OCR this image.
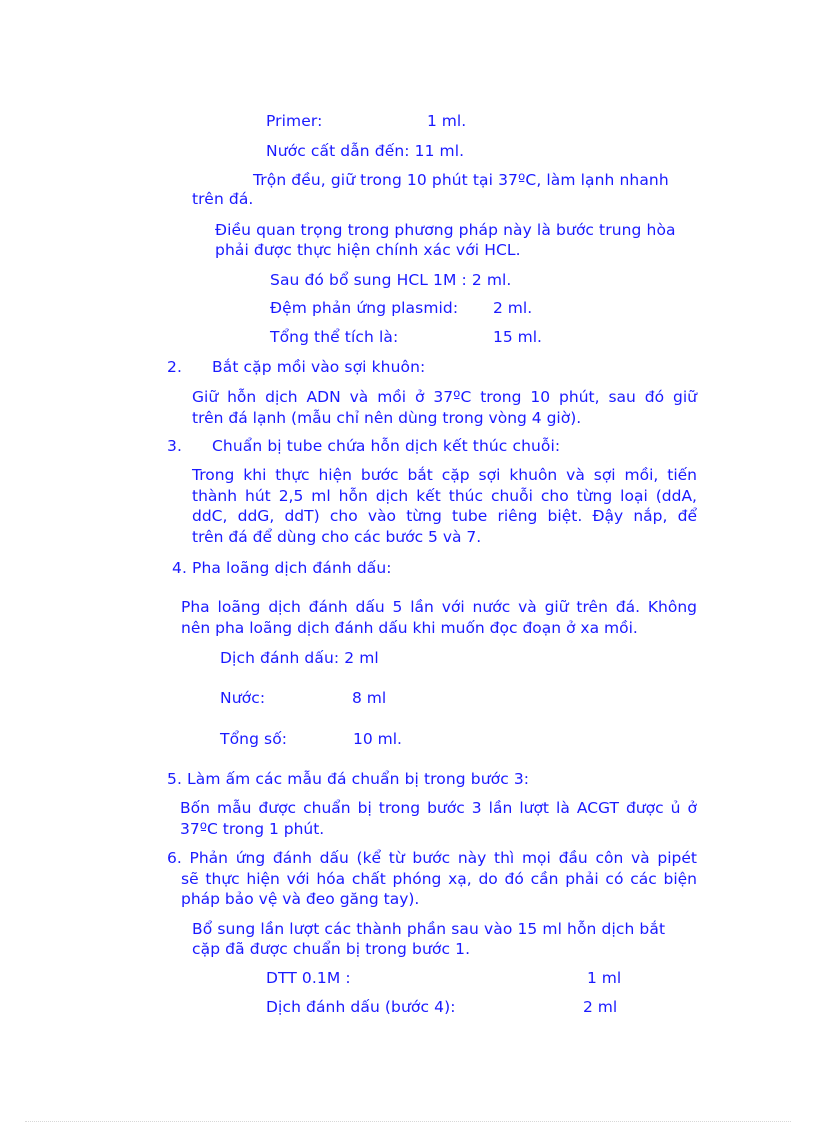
Primer:	1 ml.
Nước cất dẫn đến: 11 ml.
Trộn đều, giữ trong 10 phút tại 37ºC, làm lạnh nhanh
trên đá.
Điều quan trọng trong phương pháp này là bước trung hòa
phải được thực hiện chính xác với HCL.
Sau đó bổ sung HCL 1M : 2 ml.
Đệm phản ứng plasmid: 2 ml.
Tổng thể tích là:	15 ml.
2. Bắt cặp mồi vào sợi khuôn:
Giữ hỗn dịch ADN và mồi ở 37ºC trong 10 phút, sau đó giữ
trên đá lạnh (mẫu chỉ nên dùng trong vòng 4 giờ).
3. Chuẩn bị tube chứa hỗn dịch kết thúc chuỗi:
Trong khi thực hiện bước bắt cặp sợi khuôn và sợi mồi, tiến
thành hút 2,5 ml hỗn dịch kết thúc chuỗi cho từng loại (ddA,
ddC, ddG, ddT) cho vào từng tube riêng biệt. Đậy nắp, để
trên đá để dùng cho các bước 5 và 7.
4. Pha loãng dịch đánh dấu:
Pha loãng dịch đánh dấu 5 lần với nước và giữ trên đá. Không
nên pha loãng dịch đánh dấu khi muốn đọc đoạn ở xa mồi.
Dịch đánh dấu: 2 ml
Nước:	8 ml
Tổng số:	10 ml.
5. Làm ấm các mẫu đá chuẩn bị trong bước 3:
Bốn mẫu được chuẩn bị trong bước 3 lần lượt là ACGT được ủ ở
37ºC trong 1 phút.
6. Phản ứng đánh dấu (kể từ bước này thì mọi đầu côn và pipét
sẽ thực hiện với hóa chất phóng xạ, do đó cần phải có các biện
pháp bảo vệ và đeo găng tay).
Bổ sung lần lượt các thành phần sau vào 15 ml hỗn dịch bắt
cặp đã được chuẩn bị trong bước 1.
DTT 0.1M :	1 ml
Dịch đánh dấu (bước 4):	2 ml
